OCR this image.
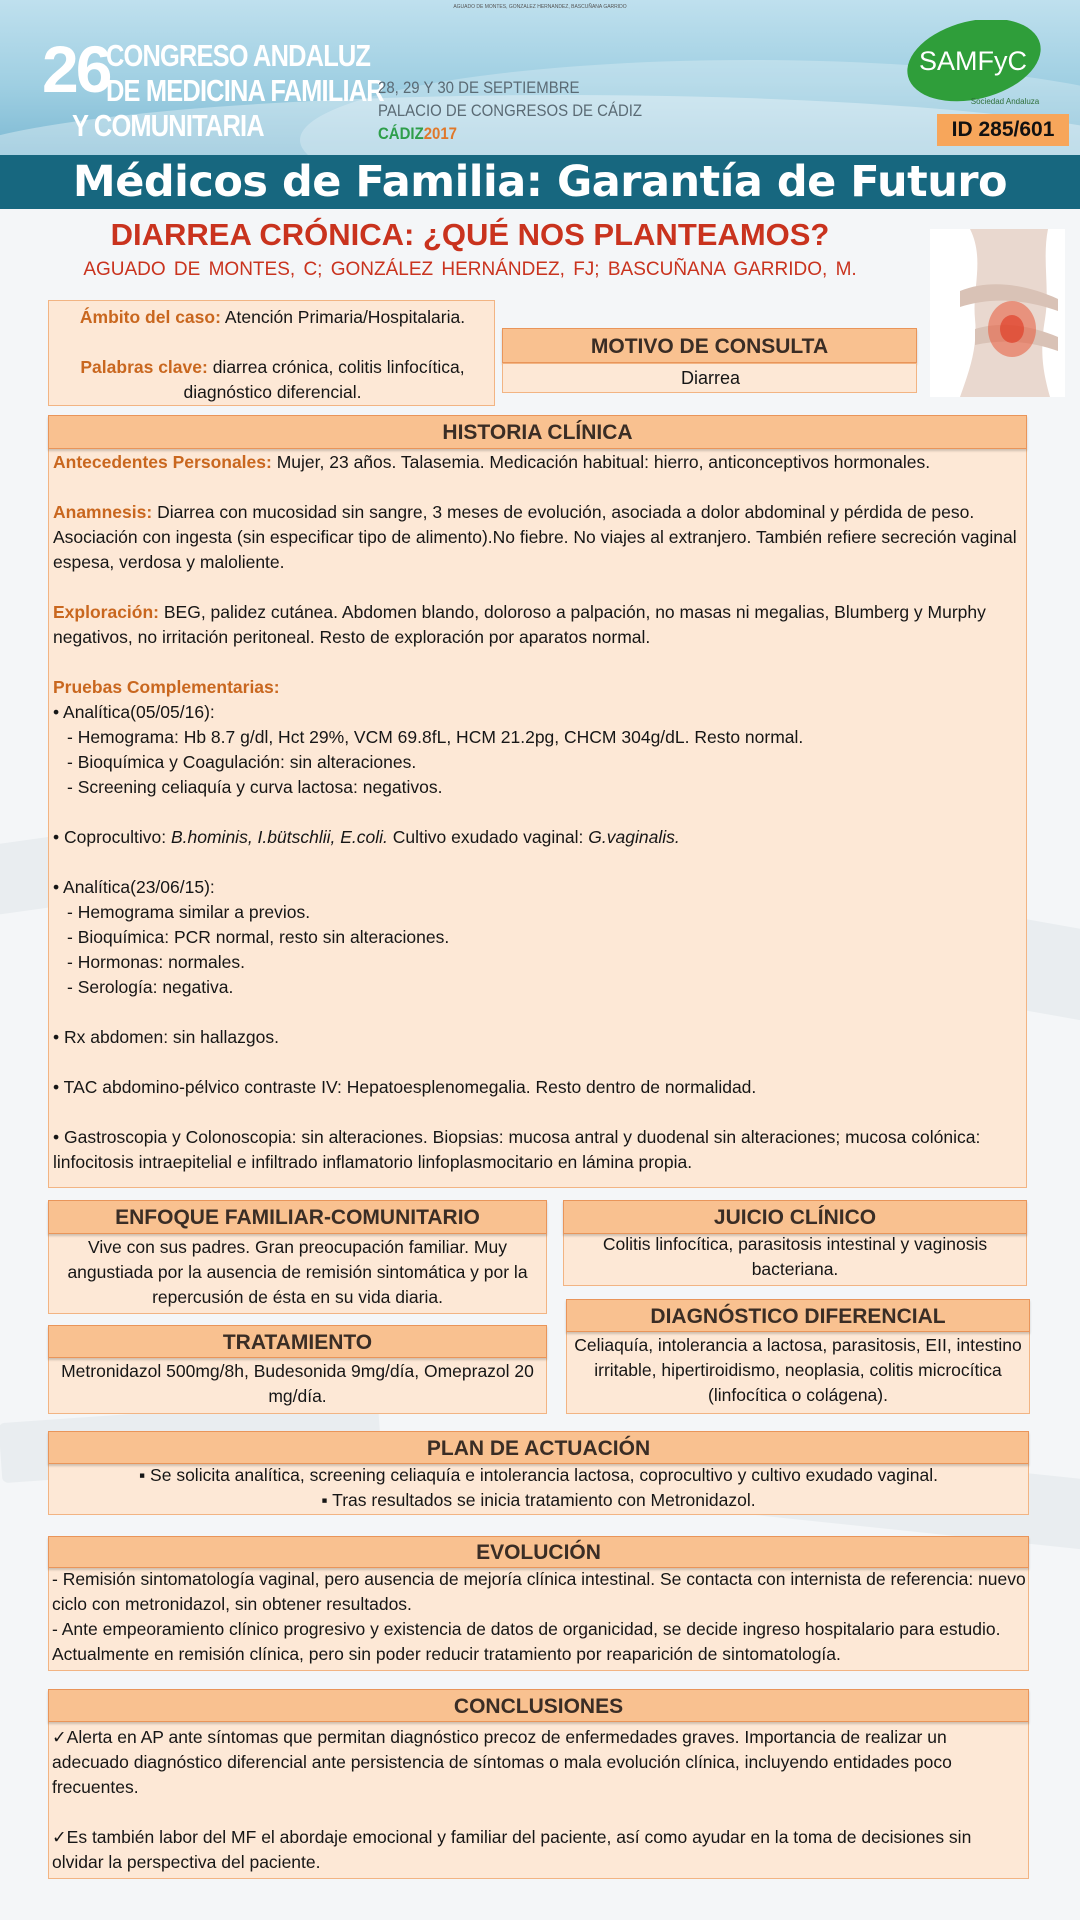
AGUADO DE MONTES, GONZALEZ HERNANDEZ, BASCUÑANA GARRIDO
26
CONGRESO ANDALUZ
DE MEDICINA FAMILIAR
Y COMUNITARIA
28, 29 Y 30 DE SEPTIEMBRE
PALACIO DE CONGRESOS DE CÁDIZ
CÁDIZ2017
SAMFyC
Sociedad Andaluza
ID 285/601
Médicos de Familia: Garantía de Futuro
DIARREA CRÓNICA: ¿QUÉ NOS PLANTEAMOS?
AGUADO DE MONTES, C; GONZÁLEZ HERNÁNDEZ, FJ; BASCUÑANA GARRIDO, M.
Ámbito del caso: Atención Primaria/Hospitalaria.
Palabras clave: diarrea crónica, colitis linfocítica, diagnóstico diferencial.
MOTIVO DE CONSULTA
Diarrea
HISTORIA CLÍNICA

Antecedentes Personales: Mujer, 23 años. Talasemia. Medicación habitual: hierro, anticonceptivos hormonales.

Anamnesis: Diarrea con mucosidad sin sangre, 3 meses de evolución, asociada a dolor abdominal y pérdida de peso. Asociación con ingesta (sin especificar tipo de alimento).No fiebre. No viajes al extranjero. También refiere secreción vaginal espesa, verdosa y maloliente.

Exploración: BEG, palidez cutánea. Abdomen blando, doloroso a palpación, no masas ni megalias, Blumberg y Murphy negativos, no irritación peritoneal. Resto de exploración por aparatos normal.

Pruebas Complementarias:

• Analítica(05/05/16):

- Hemograma: Hb 8.7 g/dl, Hct 29%, VCM 69.8fL, HCM 21.2pg, CHCM 304g/dL. Resto normal.

- Bioquímica y Coagulación: sin alteraciones.

- Screening celiaquía y curva lactosa: negativos.

• Coprocultivo: B.hominis, I.bütschlii, E.coli. Cultivo exudado vaginal: G.vaginalis.

• Analítica(23/06/15):

- Hemograma similar a previos.

- Bioquímica: PCR normal, resto sin alteraciones.

- Hormonas: normales.

- Serología: negativa.

• Rx abdomen: sin hallazgos.

• TAC abdomino-pélvico contraste IV: Hepatoesplenomegalia. Resto dentro de normalidad.

• Gastroscopia y Colonoscopia: sin alteraciones. Biopsias: mucosa antral y duodenal sin alteraciones; mucosa colónica: linfocitosis intraepitelial e infiltrado inflamatorio linfoplasmocitario en lámina propia.

ENFOQUE FAMILIAR-COMUNITARIO
Vive con sus padres. Gran preocupación familiar. Muy angustiada por la ausencia de remisión sintomática y por la repercusión de ésta en su vida diaria.
JUICIO CLÍNICO
Colitis linfocítica, parasitosis intestinal y vaginosis bacteriana.
TRATAMIENTO
Metronidazol 500mg/8h, Budesonida 9mg/día, Omeprazol 20 mg/día.
DIAGNÓSTICO DIFERENCIAL
Celiaquía, intolerancia a lactosa, parasitosis, EII, intestino irritable, hipertiroidismo, neoplasia, colitis microcítica (linfocítica o colágena).
PLAN DE ACTUACIÓN
▪ Se solicita analítica, screening celiaquía e intolerancia lactosa, coprocultivo y cultivo exudado vaginal.
▪ Tras resultados se inicia tratamiento con Metronidazol.
EVOLUCIÓN
- Remisión sintomatología vaginal, pero ausencia de mejoría clínica intestinal. Se contacta con internista de referencia: nuevo ciclo con metronidazol, sin obtener resultados.
- Ante empeoramiento clínico progresivo y existencia de datos de organicidad, se decide ingreso hospitalario para estudio. Actualmente en remisión clínica, pero sin poder reducir tratamiento por reaparición de sintomatología.
CONCLUSIONES
✓Alerta en AP ante síntomas que permitan diagnóstico precoz de enfermedades graves. Importancia de realizar un adecuado diagnóstico diferencial ante persistencia de síntomas o mala evolución clínica, incluyendo entidades poco frecuentes.
✓Es también labor del MF el abordaje emocional y familiar del paciente, así como ayudar en la toma de decisiones sin olvidar la perspectiva del paciente.
